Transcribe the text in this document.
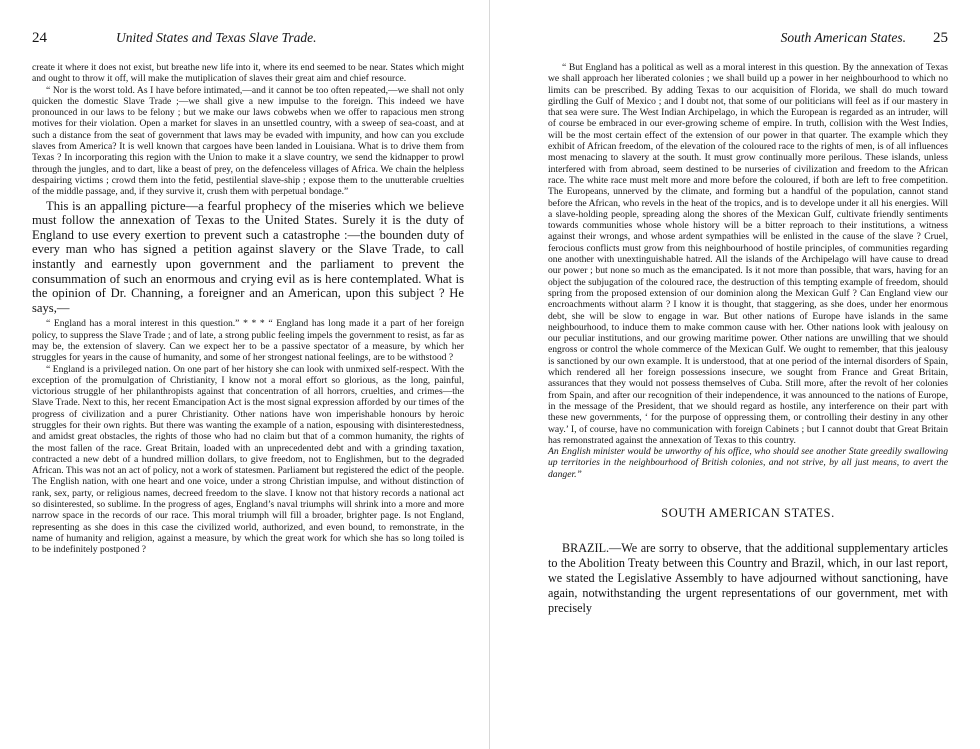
24	United States and Texas Slave Trade.

create it where it does not exist, but breathe new life into it, where its end seemed to be near. States which might and ought to throw it off, will make the mutiplication of slaves their great aim and chief resource.

“ Nor is the worst told. As I have before intimated,—and it cannot be too often repeated,—we shall not only quicken the domestic Slave Trade ;—we shall give a new impulse to the foreign. This indeed we have pronounced in our laws to be felony ; but we make our laws cobwebs when we offer to rapacious men strong motives for their violation. Open a market for slaves in an unsettled country, with a sweep of sea-coast, and at such a distance from the seat of government that laws may be evaded with impunity, and how can you exclude slaves from America? It is well known that cargoes have been landed in Louisiana. What is to drive them from Texas ? In incorporating this region with the Union to make it a slave country, we send the kidnapper to prowl through the jungles, and to dart, like a beast of prey, on the defenceless villages of Africa. We chain the helpless despairing victims ; crowd them into the fetid, pestilential slave-ship ; expose them to the unutterable cruelties of the middle passage, and, if they survive it, crush them with perpetual bondage.”

This is an appalling picture—a fearful prophecy of the miseries which we believe must follow the annexation of Texas to the United States. Surely it is the duty of England to use every exertion to prevent such a catastrophe :—the bounden duty of every man who has signed a petition against slavery or the Slave Trade, to call instantly and earnestly upon government and the parliament to prevent the consummation of such an enormous and crying evil as is here contemplated. What is the opinion of Dr. Channing, a foreigner and an American, upon this subject ? He says,—

“ England has a moral interest in this question.” * * * “ England has long made it a part of her foreign policy, to suppress the Slave Trade ; and of late, a strong public feeling impels the government to resist, as far as may be, the extension of slavery. Can we expect her to be a passive spectator of a measure, by which her struggles for years in the cause of humanity, and some of her strongest national feelings, are to be withstood ?

“ England is a privileged nation. On one part of her history she can look with unmixed self-respect. With the exception of the promulgation of Christianity, I know not a moral effort so glorious, as the long, painful, victorious struggle of her philanthropists against that concentration of all horrors, cruelties, and crimes—the Slave Trade. Next to this, her recent Emancipation Act is the most signal expression afforded by our times of the progress of civilization and a purer Christianity. Other nations have won imperishable honours by heroic struggles for their own rights. But there was wanting the example of a nation, espousing with disinterestedness, and amidst great obstacles, the rights of those who had no claim but that of a common humanity, the rights of the most fallen of the race. Great Britain, loaded with an unprecedented debt and with a grinding taxation, contracted a new debt of a hundred million dollars, to give freedom, not to Englishmen, but to the degraded African. This was not an act of policy, not a work of statesmen. Parliament but registered the edict of the people. The English nation, with one heart and one voice, under a strong Christian impulse, and without distinction of rank, sex, party, or religious names, decreed freedom to the slave. I know not that history records a national act so disinterested, so sublime. In the progress of ages, England’s naval triumphs will shrink into a more and more narrow space in the records of our race. This moral triumph will fill a broader, brighter page. Is not England, representing as she does in this case the civilized world, authorized, and even bound, to remonstrate, in the name of humanity and religion, against a measure, by which the great work for which she has so long toiled is to be indefinitely postponed ?

South American States. 25

“ But England has a political as well as a moral interest in this question. By the annexation of Texas we shall approach her liberated colonies ; we shall build up a power in her neighbourhood to which no limits can be prescribed. By adding Texas to our acquisition of Florida, we shall do much toward girdling the Gulf of Mexico ; and I doubt not, that some of our politicians will feel as if our mastery in that sea were sure. The West Indian Archipelago, in which the European is regarded as an intruder, will of course be embraced in our ever-growing scheme of empire. In truth, collision with the West Indies, will be the most certain effect of the extension of our power in that quarter. The example which they exhibit of African freedom, of the elevation of the coloured race to the rights of men, is of all influences most menacing to slavery at the south. It must grow continually more perilous. These islands, unless interfered with from abroad, seem destined to be nurseries of civilization and freedom to the African race. The white race must melt more and more before the coloured, if both are left to free competition. The Europeans, unnerved by the climate, and forming but a handful of the population, cannot stand before the African, who revels in the heat of the tropics, and is to develope under it all his energies. Will a slave-holding people, spreading along the shores of the Mexican Gulf, cultivate friendly sentiments towards communities whose whole history will be a bitter reproach to their institutions, a witness against their wrongs, and whose ardent sympathies will be enlisted in the cause of the slave ? Cruel, ferocious conflicts must grow from this neighbourhood of hostile principles, of communities regarding one another with unextinguishable hatred. All the islands of the Archipelago will have cause to dread our power ; but none so much as the emancipated. Is it not more than possible, that wars, having for an object the subjugation of the coloured race, the destruction of this tempting example of freedom, should spring from the proposed extension of our dominion along the Mexican Gulf ? Can England view our encroachments without alarm ? I know it is thought, that staggering, as she does, under her enormous debt, she will be slow to engage in war. But other nations of Europe have islands in the same neighbourhood, to induce them to make common cause with her. Other nations look with jealousy on our peculiar institutions, and our growing maritime power. Other nations are unwilling that we should engross or control the whole commerce of the Mexican Gulf. We ought to remember, that this jealousy is sanctioned by our own example. It is understood, that at one period of the internal disorders of Spain, which rendered all her foreign possessions insecure, we sought from France and Great Britain, assurances that they would not possess themselves of Cuba. Still more, after the revolt of her colonies from Spain, and after our recognition of their independence, it was announced to the nations of Europe, in the message of the President, that we should regard as hostile, any interference on their part with these new governments, ‘ for the purpose of oppressing them, or controlling their destiny in any other way.’ I, of course, have no communication with foreign Cabinets ; but I cannot doubt that Great Britain has remonstrated against the annexation of Texas to this country.

An English minister would be unworthy of his office, who should see another State greedily swallowing up territories in the neighbourhood of British colonies, and not strive, by all just means, to avert the danger.”

SOUTH AMERICAN STATES.

BRAZIL.—We are sorry to observe, that the additional supplementary articles to the Abolition Treaty between this Country and Brazil, which, in our last report, we stated the Legislative Assembly to have adjourned without sanctioning, have again, notwithstanding the urgent representations of our government, met with precisely
